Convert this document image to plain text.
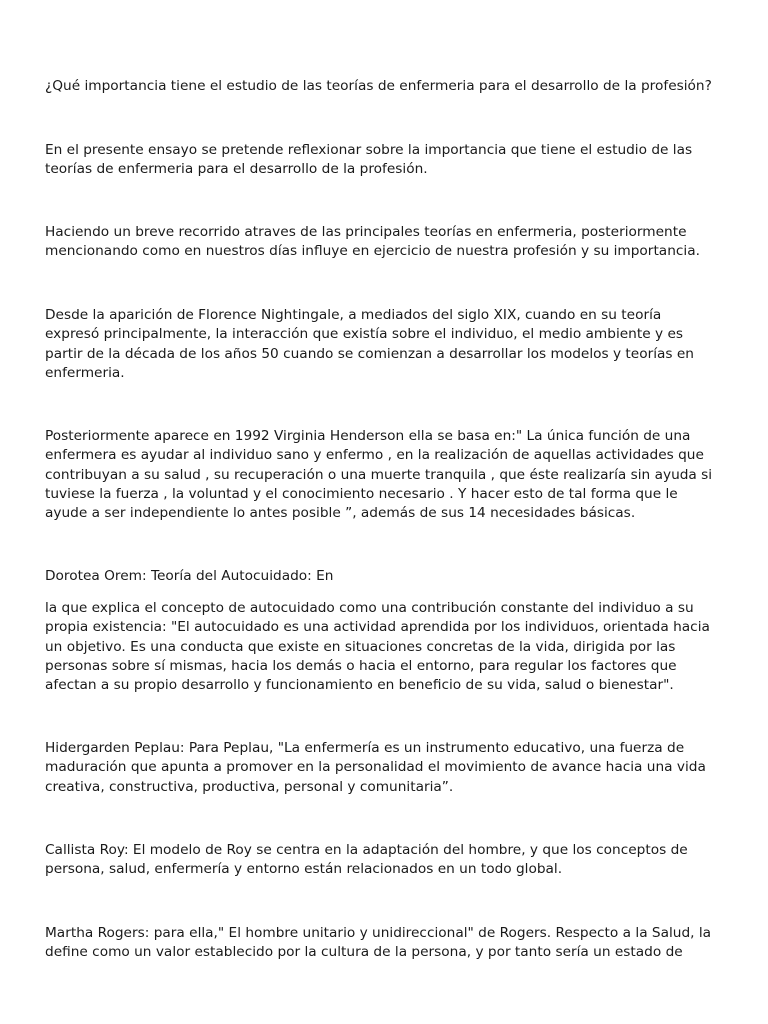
¿Qué importancia tiene el estudio de las teorías de enfermeria para el desarrollo de la profesión?

En el presente ensayo se pretende reflexionar sobre la importancia que tiene el estudio de las
teorías de enfermeria para el desarrollo de la profesión.

Haciendo un breve recorrido atraves de las principales teorías en enfermeria, posteriormente
mencionando como en nuestros días influye en ejercicio de nuestra profesión y su importancia.

Desde la aparición de Florence Nightingale, a mediados del siglo XIX, cuando en su teoría
expresó principalmente, la interacción que existía sobre el individuo, el medio ambiente y es
partir de la década de los años 50 cuando se comienzan a desarrollar los modelos y teorías en
enfermeria.

Posteriormente aparece en 1992 Virginia Henderson ella se basa en:" La única función de una
enfermera es ayudar al individuo sano y enfermo , en la realización de aquellas actividades que
contribuyan a su salud , su recuperación o una muerte tranquila , que éste realizaría sin ayuda si
tuviese la fuerza , la voluntad y el conocimiento necesario . Y hacer esto de tal forma que le
ayude a ser independiente lo antes posible ”, además de sus 14 necesidades básicas.

Dorotea Orem: Teoría del Autocuidado: En

la que explica el concepto de autocuidado como una contribución constante del individuo a su
propia existencia: "El autocuidado es una actividad aprendida por los individuos, orientada hacia
un objetivo. Es una conducta que existe en situaciones concretas de la vida, dirigida por las
personas sobre sí mismas, hacia los demás o hacia el entorno, para regular los factores que
afectan a su propio desarrollo y funcionamiento en beneficio de su vida, salud o bienestar".

Hidergarden Peplau: Para Peplau, "La enfermería es un instrumento educativo, una fuerza de
maduración que apunta a promover en la personalidad el movimiento de avance hacia una vida
creativa, constructiva, productiva, personal y comunitaria”.

Callista Roy: El modelo de Roy se centra en la adaptación del hombre, y que los conceptos de
persona, salud, enfermería y entorno están relacionados en un todo global.

Martha Rogers: para ella," El hombre unitario y unidireccional" de Rogers. Respecto a la Salud, la
define como un valor establecido por la cultura de la persona, y por tanto sería un estado de
